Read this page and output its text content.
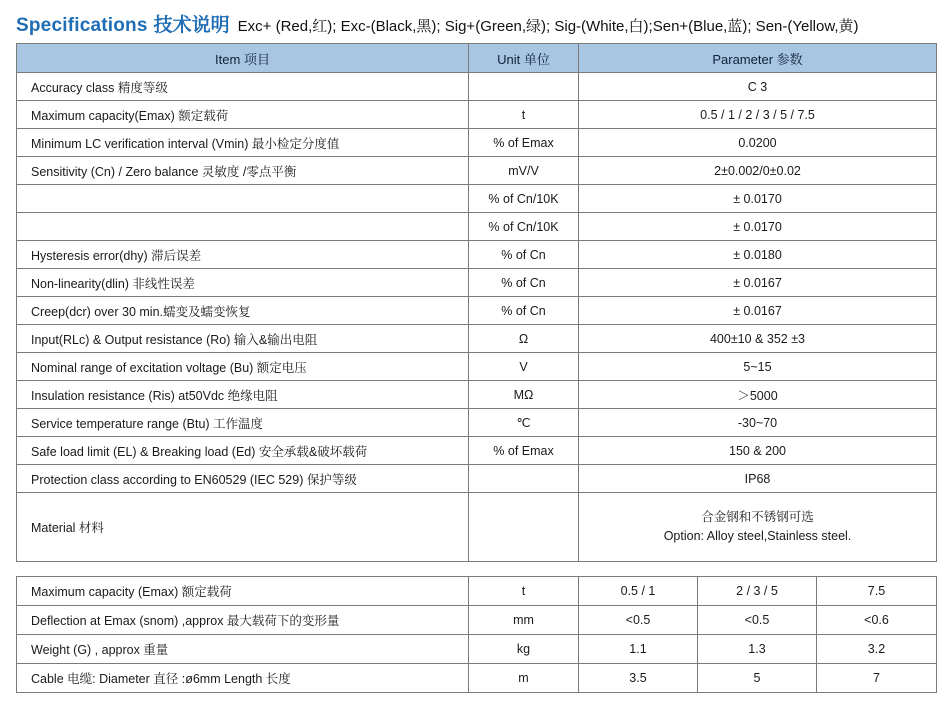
Specifications 技术说明 Exc+ (Red,红); Exc-(Black,黑); Sig+(Green,绿); Sig-(White,白);Sen+(Blue,蓝); Sen-(Yellow,黄)
Item 项目	Unit 单位	Parameter 参数
Accuracy class 精度等级		C 3
Maximum capacity(Emax) 额定载荷	t	0.5 / 1 / 2 / 3 / 5 / 7.5
Minimum LC verification interval (Vmin) 最小检定分度值	% of Emax	0.0200
Sensitivity (Cn) / Zero balance 灵敏度 /零点平衡	mV/V	2±0.002/0±0.02
	% of Cn/10K	± 0.0170
	% of Cn/10K	± 0.0170
Hysteresis error(dhy) 滞后误差	% of Cn	± 0.0180
Non-linearity(dlin) 非线性误差	% of Cn	± 0.0167
Creep(dcr) over 30 min.蠕变及蠕变恢复	% of Cn	± 0.0167
Input(RLc) & Output resistance (Ro) 输入&输出电阻	Ω	400±10 & 352 ±3
Nominal range of excitation voltage (Bu) 额定电压	V	5~15
Insulation resistance (Ris) at50Vdc 绝缘电阻	MΩ	＞5000
Service temperature range (Btu) 工作温度	℃	-30~70
Safe load limit (EL) & Breaking load (Ed) 安全承载&破坏载荷	% of Emax	150 & 200
Protection class according to EN60529 (IEC 529) 保护等级		IP68
Material 材料		合金钢和不锈钢可选
Option: Alloy steel,Stainless steel.
Maximum capacity (Emax) 额定载荷	t	0.5 / 1	2 / 3 / 5	7.5
Deflection at Emax (snom) ,approx 最大载荷下的变形量	mm	<0.5	<0.5	<0.6
Weight (G) , approx 重量	kg	1.1	1.3	3.2
Cable 电缆: Diameter 直径 :ø6mm Length 长度	m	3.5	5	7
